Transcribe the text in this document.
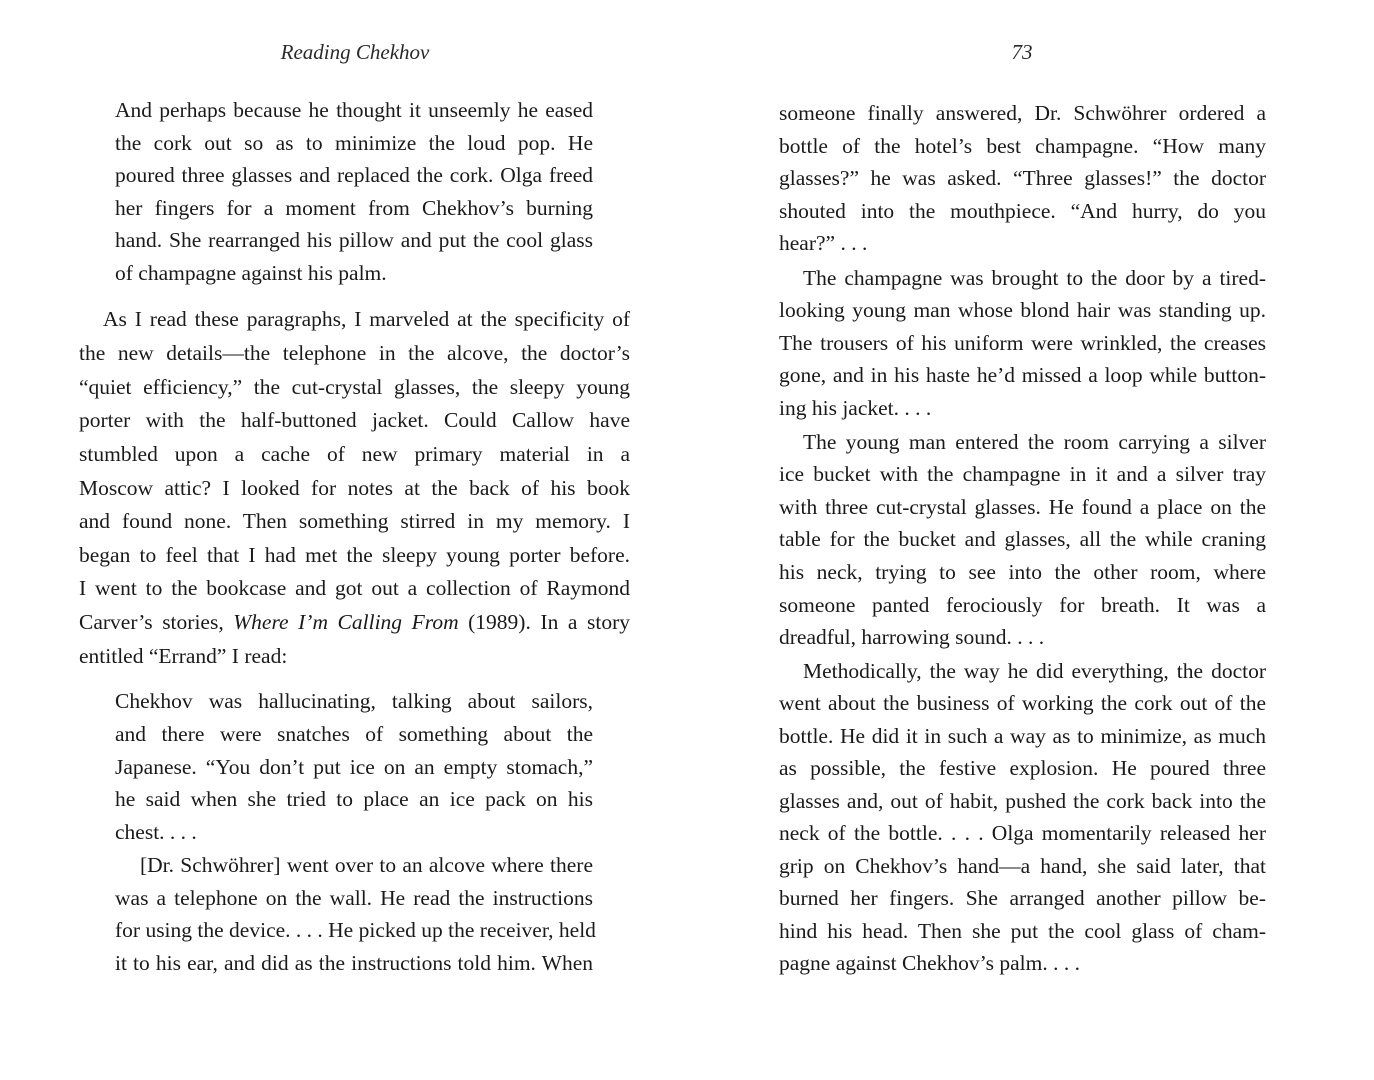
Reading Chekhov
And perhaps because he thought it unseemly he eased
the cork out so as to minimize the loud pop. He
poured three glasses and replaced the cork. Olga freed
her fingers for a moment from Chekhov’s burning
hand. She rearranged his pillow and put the cool glass
of champagne against his palm.
As I read these paragraphs, I marveled at the specificity of
the new details—the telephone in the alcove, the doctor’s
“quiet efficiency,” the cut-crystal glasses, the sleepy young
porter with the half-buttoned jacket. Could Callow have
stumbled upon a cache of new primary material in a
Moscow attic? I looked for notes at the back of his book
and found none. Then something stirred in my memory. I
began to feel that I had met the sleepy young porter before.
I went to the bookcase and got out a collection of Raymond
Carver’s stories, Where I’m Calling From (1989). In a story
entitled “Errand” I read:
Chekhov was hallucinating, talking about sailors,
and there were snatches of something about the
Japanese. “You don’t put ice on an empty stomach,”
he said when she tried to place an ice pack on his
chest. . . .
[Dr. Schwöhrer] went over to an alcove where there
was a telephone on the wall. He read the instructions
for using the device. . . . He picked up the receiver, held
it to his ear, and did as the instructions told him. When
73
someone finally answered, Dr. Schwöhrer ordered a
bottle of the hotel’s best champagne. “How many
glasses?” he was asked. “Three glasses!” the doctor
shouted into the mouthpiece. “And hurry, do you
hear?” . . .
The champagne was brought to the door by a tired-
looking young man whose blond hair was standing up.
The trousers of his uniform were wrinkled, the creases
gone, and in his haste he’d missed a loop while button-
ing his jacket. . . .
The young man entered the room carrying a silver
ice bucket with the champagne in it and a silver tray
with three cut-crystal glasses. He found a place on the
table for the bucket and glasses, all the while craning
his neck, trying to see into the other room, where
someone panted ferociously for breath. It was a
dreadful, harrowing sound. . . .
Methodically, the way he did everything, the doctor
went about the business of working the cork out of the
bottle. He did it in such a way as to minimize, as much
as possible, the festive explosion. He poured three
glasses and, out of habit, pushed the cork back into the
neck of the bottle. . . . Olga momentarily released her
grip on Chekhov’s hand—a hand, she said later, that
burned her fingers. She arranged another pillow be-
hind his head. Then she put the cool glass of cham-
pagne against Chekhov’s palm. . . .
